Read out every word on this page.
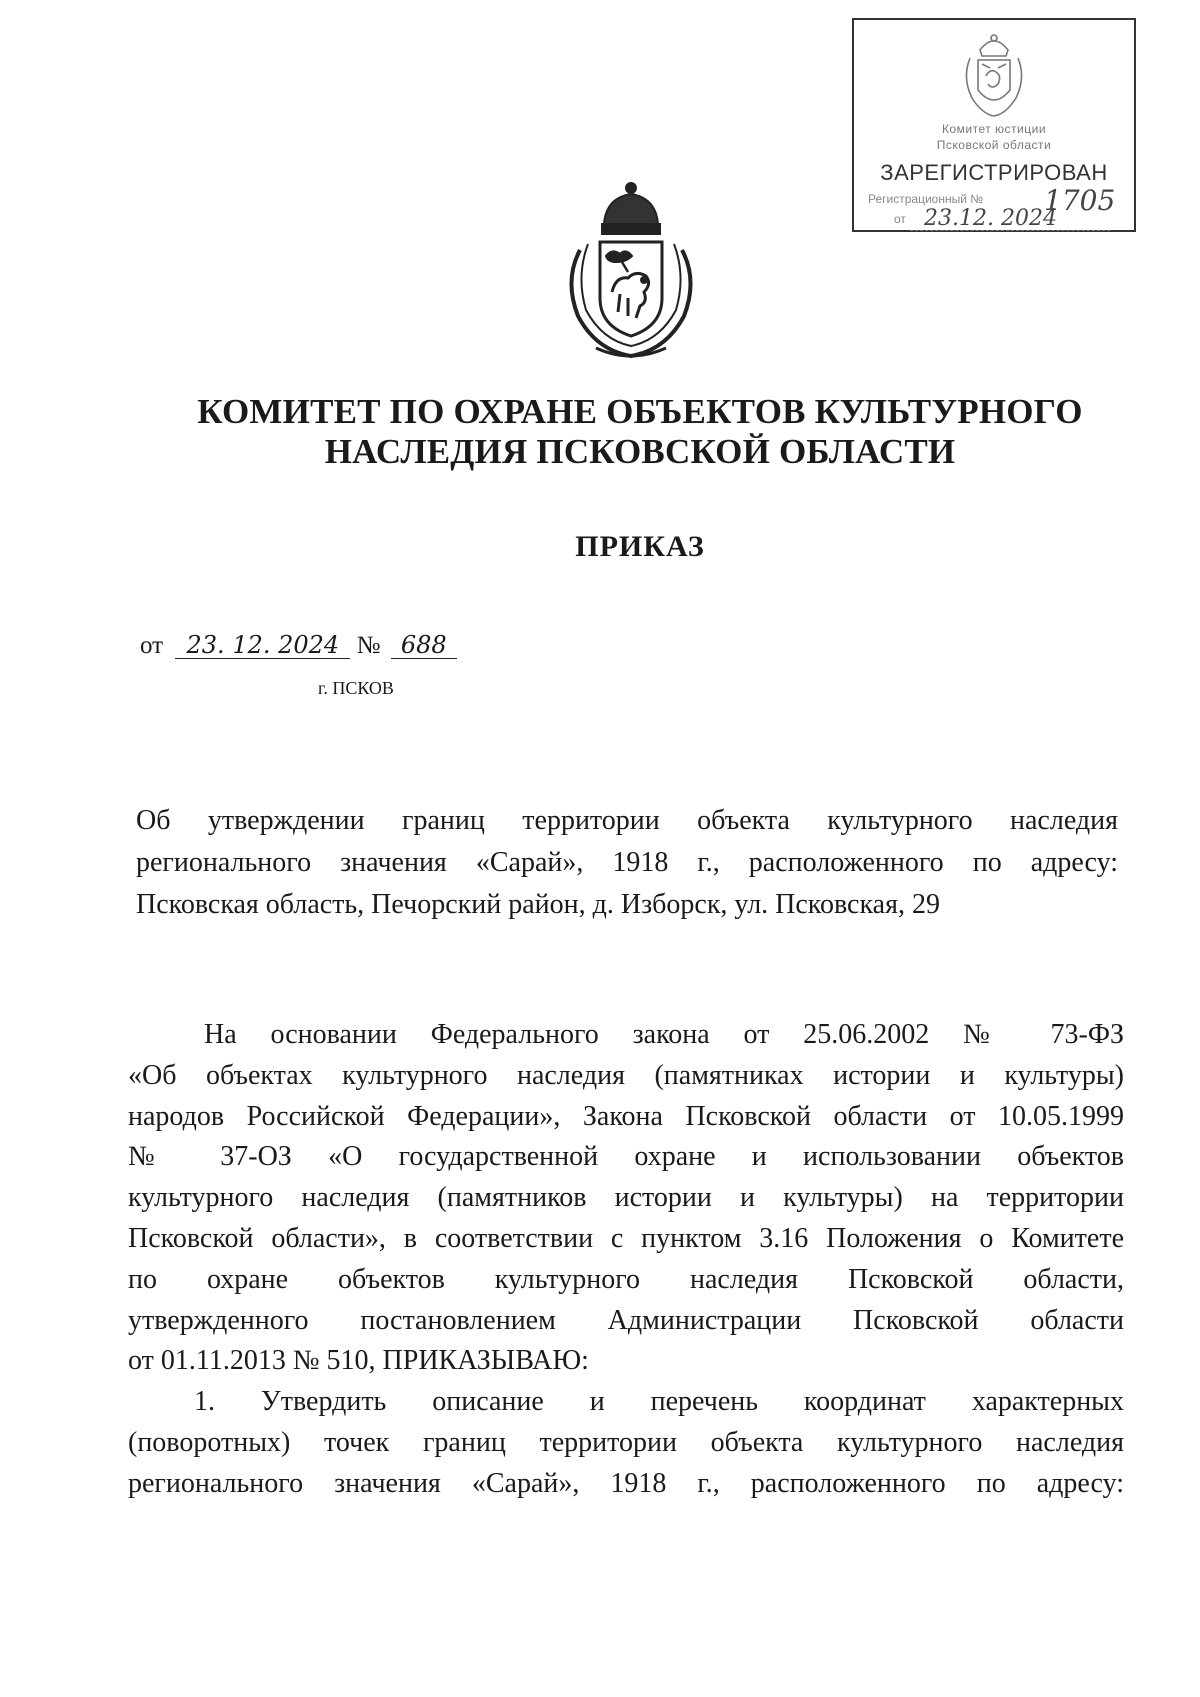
Комитет юстиции
Псковской области
ЗАРЕГИСТРИРОВАН
Регистрационный № 1705
от 23.12. 2024
КОМИТЕТ ПО ОХРАНЕ ОБЪЕКТОВ КУЛЬТУРНОГО
НАСЛЕДИЯ ПСКОВСКОЙ ОБЛАСТИ
ПРИКАЗ
от 23. 12. 2024 № 688
г. ПСКОВ
Об утверждении границ территории объекта культурного наследия
регионального значения «Сарай», 1918 г., расположенного по адресу:
Псковская область, Печорский район, д. Изборск, ул. Псковская, 29
На основании Федерального закона от 25.06.2002 № 73-ФЗ
«Об объектах культурного наследия (памятниках истории и культуры)
народов Российской Федерации», Закона Псковской области от 10.05.1999
№ 37-ОЗ «О государственной охране и использовании объектов
культурного наследия (памятников истории и культуры) на территории
Псковской области», в соответствии с пунктом 3.16 Положения о Комитете
по охране объектов культурного наследия Псковской области,
утвержденного постановлением Администрации Псковской области
от 01.11.2013 № 510, ПРИКАЗЫВАЮ:
1. Утвердить описание и перечень координат характерных
(поворотных) точек границ территории объекта культурного наследия
регионального значения «Сарай», 1918 г., расположенного по адресу:
